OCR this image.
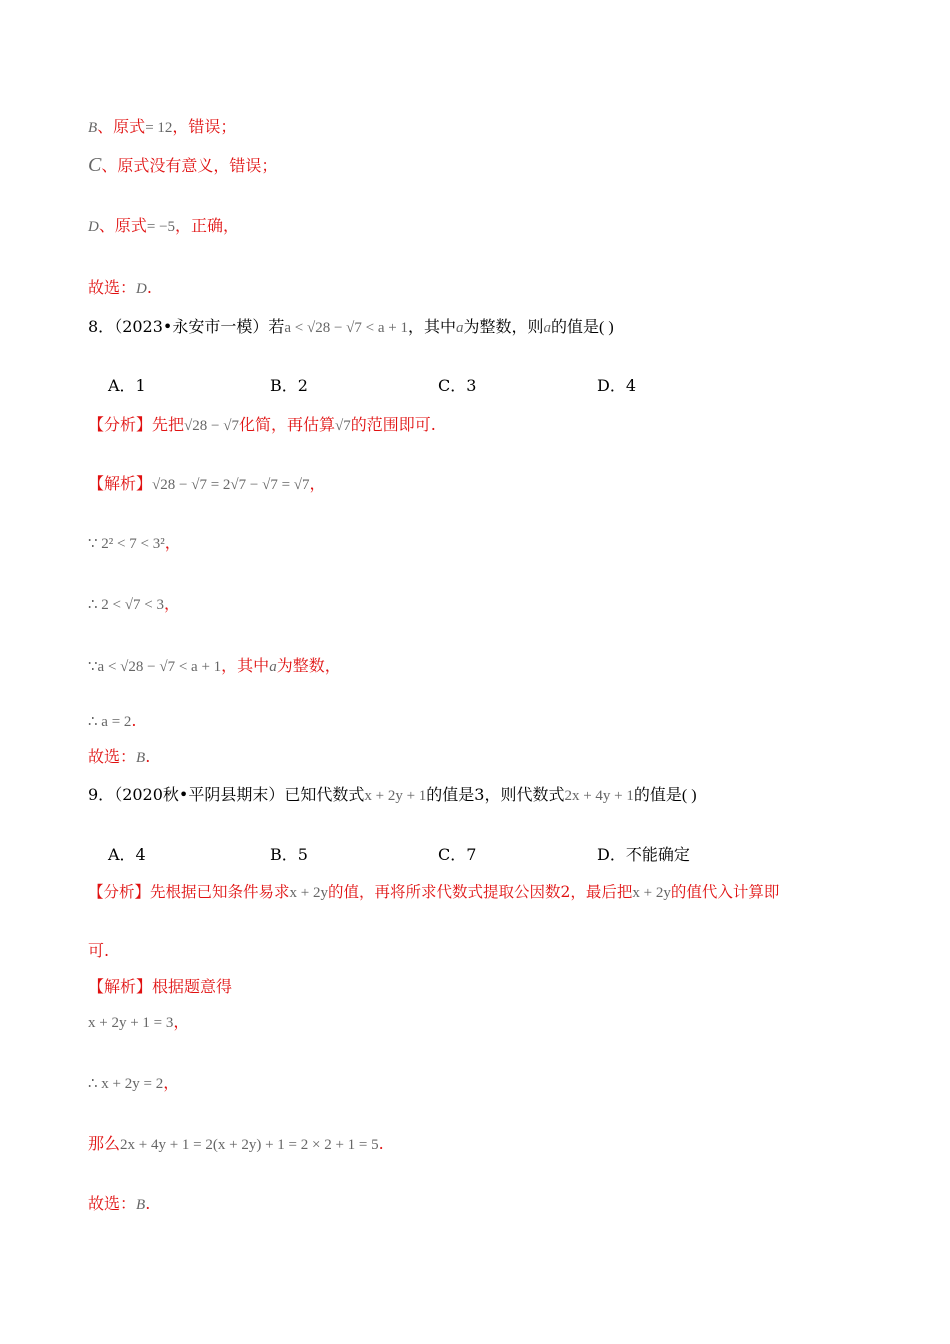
B、原式= 12，错误；
C、原式没有意义，错误；
D、原式= −5，正确，
故选：D.
8．（2023•永安市一模）若a < √28 − √7 < a + 1，其中a为整数，则a的值是( )
A．1	B．2	C．3	D．4
【分析】先把√28 − √7化简，再估算√7的范围即可.
【解析】√28 − √7 = 2√7 − √7 = √7，
∵ 2² < 7 < 3²，
∴ 2 < √7 < 3，
∵a < √28 − √7 < a + 1，其中a为整数，
∴ a = 2.
故选：B.
9．（2020秋•平阴县期末）已知代数式x + 2y + 1的值是3，则代数式2x + 4y + 1的值是( )
A．4	B．5	C．7	D．不能确定
【分析】先根据已知条件易求x + 2y的值，再将所求代数式提取公因数2，最后把x + 2y的值代入计算即
可.
【解析】根据题意得
x + 2y + 1 = 3，
∴ x + 2y = 2，
那么2x + 4y + 1 = 2(x + 2y) + 1 = 2 × 2 + 1 = 5.
故选：B.
